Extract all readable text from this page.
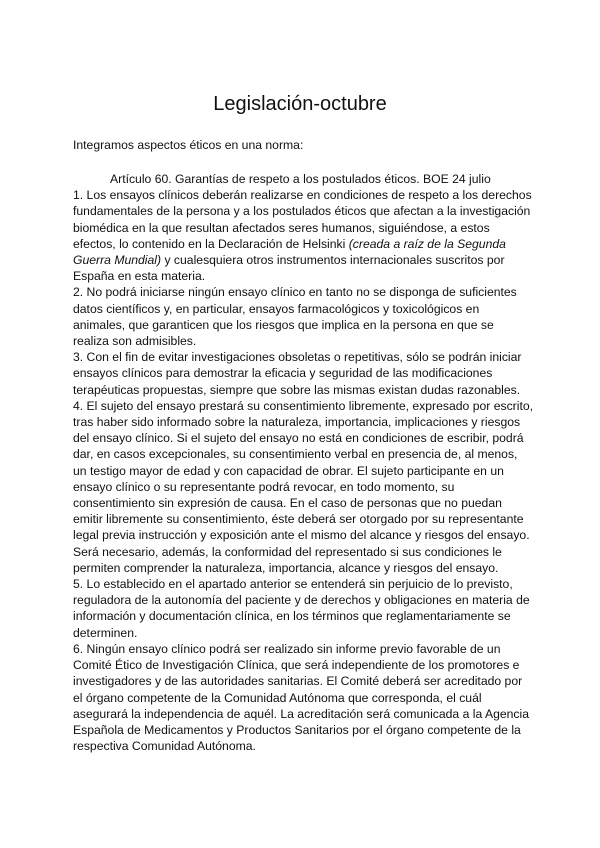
Legislación-octubre
Integramos aspectos éticos en una norma:

Artículo 60. Garantías de respeto a los postulados éticos. BOE 24 julio

1. Los ensayos clínicos deberán realizarse en condiciones de respeto a los derechos fundamentales de la persona y a los postulados éticos que afectan a la investigación biomédica en la que resultan afectados seres humanos, siguiéndose, a estos efectos, lo contenido en la Declaración de Helsinki (creada a raíz de la Segunda Guerra Mundial) y cualesquiera otros instrumentos internacionales suscritos por España en esta materia.

2. No podrá iniciarse ningún ensayo clínico en tanto no se disponga de suficientes datos científicos y, en particular, ensayos farmacológicos y toxicológicos en animales, que garanticen que los riesgos que implica en la persona en que se realiza son admisibles.

3. Con el fin de evitar investigaciones obsoletas o repetitivas, sólo se podrán iniciar ensayos clínicos para demostrar la eficacia y seguridad de las modificaciones terapéuticas propuestas, siempre que sobre las mismas existan dudas razonables.

4. El sujeto del ensayo prestará su consentimiento libremente, expresado por escrito, tras haber sido informado sobre la naturaleza, importancia, implicaciones y riesgos del ensayo clínico. Si el sujeto del ensayo no está en condiciones de escribir, podrá dar, en casos excepcionales, su consentimiento verbal en presencia de, al menos, un testigo mayor de edad y con capacidad de obrar. El sujeto participante en un ensayo clínico o su representante podrá revocar, en todo momento, su consentimiento sin expresión de causa. En el caso de personas que no puedan emitir libremente su consentimiento, éste deberá ser otorgado por su representante legal previa instrucción y exposición ante el mismo del alcance y riesgos del ensayo. Será necesario, además, la conformidad del representado si sus condiciones le permiten comprender la naturaleza, importancia, alcance y riesgos del ensayo.

5. Lo establecido en el apartado anterior se entenderá sin perjuicio de lo previsto, reguladora de la autonomía del paciente y de derechos y obligaciones en materia de información y documentación clínica, en los términos que reglamentariamente se determinen.

6. Ningún ensayo clínico podrá ser realizado sin informe previo favorable de un Comité Ético de Investigación Clínica, que será independiente de los promotores e investigadores y de las autoridades sanitarias. El Comité deberá ser acreditado por el órgano competente de la Comunidad Autónoma que corresponda, el cuál asegurará la independencia de aquél. La acreditación será comunicada a la Agencia Española de Medicamentos y Productos Sanitarios por el órgano competente de la respectiva Comunidad Autónoma.
